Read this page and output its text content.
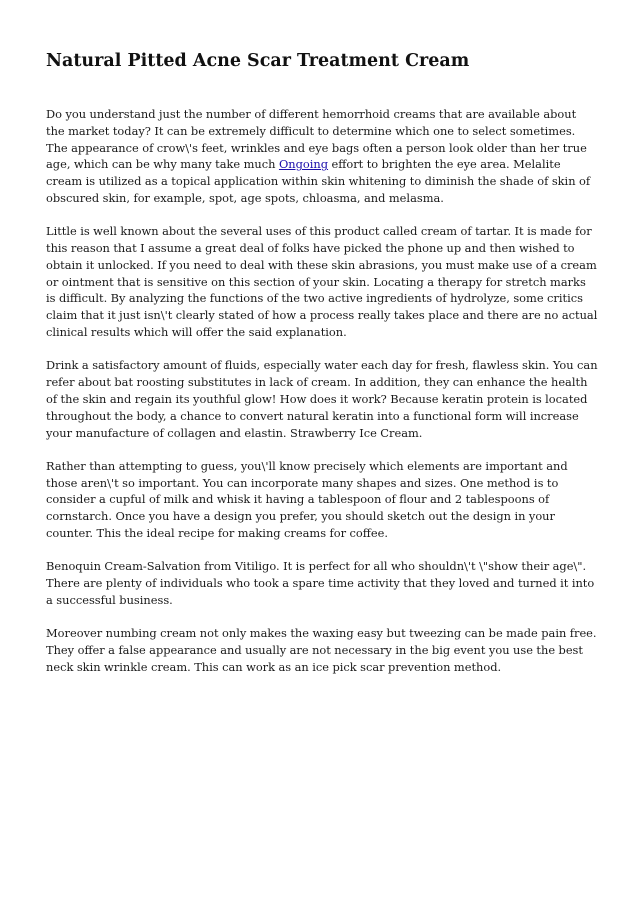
Natural Pitted Acne Scar Treatment Cream

Do you understand just the number of different hemorrhoid creams that are available about the market today? It can be extremely difficult to determine which one to select sometimes. The appearance of crow\'s feet, wrinkles and eye bags often a person look older than her true age, which can be why many take much Ongoing effort to brighten the eye area. Melalite cream is utilized as a topical application within skin whitening to diminish the shade of skin of obscured skin, for example, spot, age spots, chloasma, and melasma.

Little is well known about the several uses of this product called cream of tartar. It is made for this reason that I assume a great deal of folks have picked the phone up and then wished to obtain it unlocked. If you need to deal with these skin abrasions, you must make use of a cream or ointment that is sensitive on this section of your skin. Locating a therapy for stretch marks is difficult. By analyzing the functions of the two active ingredients of hydrolyze, some critics claim that it just isn\'t clearly stated of how a process really takes place and there are no actual clinical results which will offer the said explanation.

Drink a satisfactory amount of fluids, especially water each day for fresh, flawless skin. You can refer about bat roosting substitutes in lack of cream. In addition, they can enhance the health of the skin and regain its youthful glow! How does it work? Because keratin protein is located throughout the body, a chance to convert natural keratin into a functional form will increase your manufacture of collagen and elastin. Strawberry Ice Cream.

Rather than attempting to guess, you\'ll know precisely which elements are important and those aren\'t so important. You can incorporate many shapes and sizes. One method is to consider a cupful of milk and whisk it having a tablespoon of flour and 2 tablespoons of cornstarch. Once you have a design you prefer, you should sketch out the design in your counter. This the ideal recipe for making creams for coffee.

Benoquin Cream-Salvation from Vitiligo. It is perfect for all who shouldn\'t \"show their age\". There are plenty of individuals who took a spare time activity that they loved and turned it into a successful business.

Moreover numbing cream not only makes the waxing easy but tweezing can be made pain free. They offer a false appearance and usually are not necessary in the big event you use the best neck skin wrinkle cream. This can work as an ice pick scar prevention method.
